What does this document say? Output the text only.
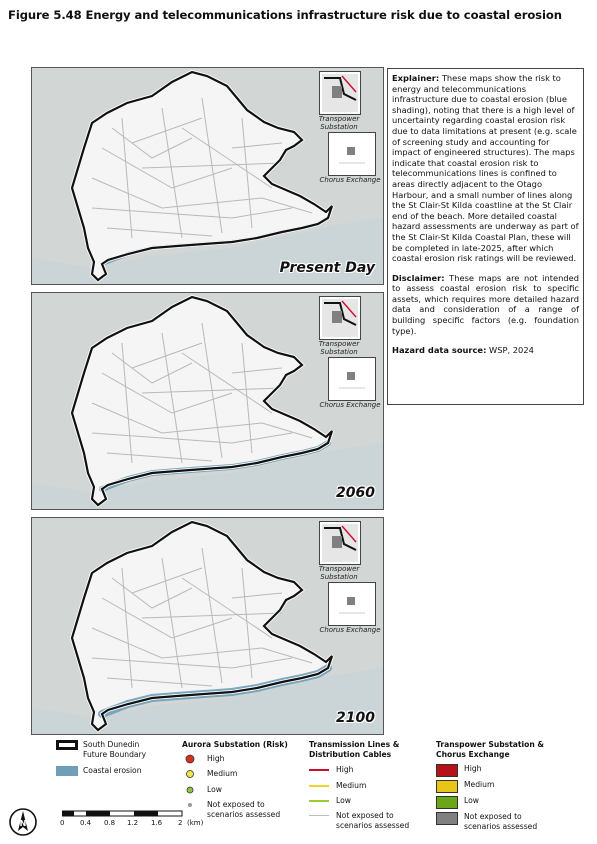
Figure 5.48 Energy and telecommunications infrastructure risk due to coastal erosion
Transpower Substation
Chorus Exchange
Present Day
Transpower Substation
Chorus Exchange
2060
Transpower Substation
Chorus Exchange
2100

Explainer: These maps show the risk to energy and telecommunications infrastructure due to coastal erosion (blue shading), noting that there is a high level of uncertainty regarding coastal erosion risk due to data limitations at present (e.g. scale of screening study and accounting for impact of engineered structures). The maps indicate that coastal erosion risk to telecommunications lines is confined to areas directly adjacent to the Otago Harbour, and a small number of lines along the St Clair-St Kilda coastline at the St Clair end of the beach. More detailed coastal hazard assessments are underway as part of the St Clair-St Kilda Coastal Plan, these will be completed in late-2025, after which coastal erosion risk ratings will be reviewed.

Disclaimer: These maps are not intended to assess coastal erosion risk to specific assets, which requires more detailed hazard data and consideration of a range of building specific factors (e.g. foundation type).

Hazard data source: WSP, 2024

South Dunedin Future Boundary
Coastal erosion
Aurora Substation (Risk)
High
Medium
Low
Not exposed to scenarios assessed
Transmission Lines & Distribution Cables
High
Medium
Low
Not exposed to scenarios assessed
Transpower Substation & Chorus Exchange
High
Medium
Low
Not exposed to scenarios assessed
N	0 0.4 0.8 1.2 1.6 2 (km)
